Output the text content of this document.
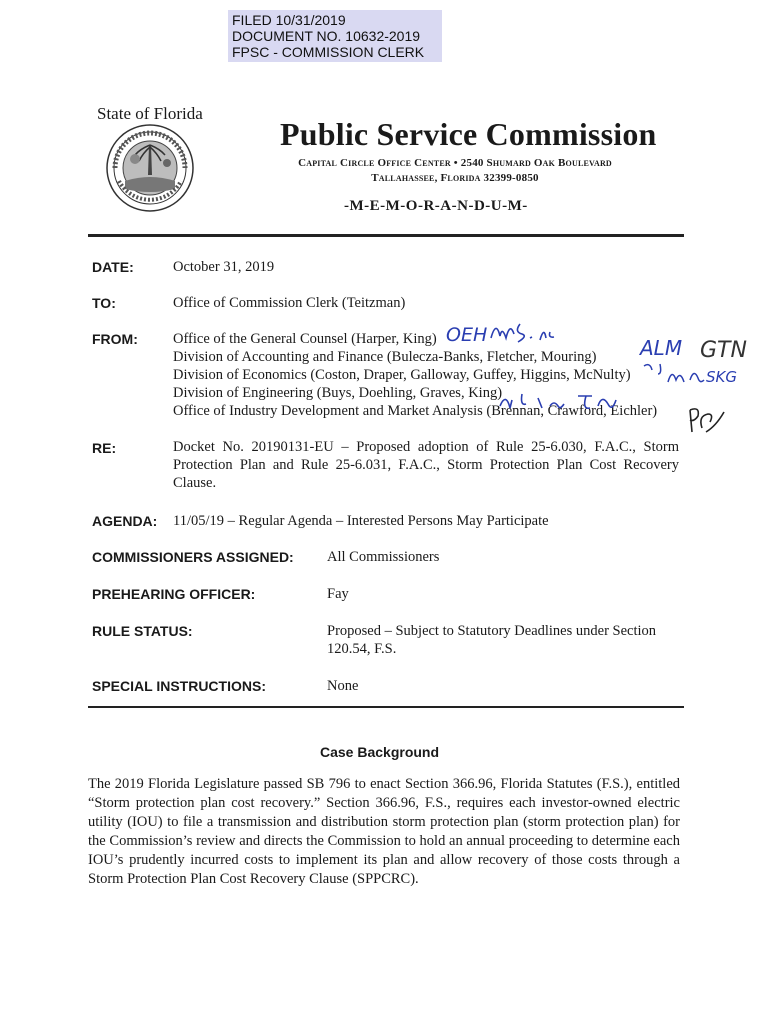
FILED 10/31/2019
DOCUMENT NO. 10632-2019
FPSC - COMMISSION CLERK
State of Florida
Public Service Commission
Capital Circle Office Center • 2540 Shumard Oak Boulevard
Tallahassee, Florida 32399-0850
-M-E-M-O-R-A-N-D-U-M-
DATE:	October 31, 2019
TO:	Office of Commission Clerk (Teitzman)
FROM: Office of the General Counsel (Harper, King)
Division of Accounting and Finance (Bulecza-Banks, Fletcher, Mouring)
Division of Economics (Coston, Draper, Galloway, Guffey, Higgins, McNulty)
Division of Engineering (Buys, Doehling, Graves, King)
Office of Industry Development and Market Analysis (Brennan, Crawford, Eichler)
OEH
ALM GTN
SKG
RE:	Docket No. 20190131-EU – Proposed adoption of Rule 25-6.030, F.A.C., Storm Protection Plan and Rule 25-6.031, F.A.C., Storm Protection Plan Cost Recovery Clause.
AGENDA: 11/05/19 – Regular Agenda – Interested Persons May Participate
COMMISSIONERS ASSIGNED: All Commissioners
PREHEARING OFFICER:	Fay
RULE STATUS:	Proposed – Subject to Statutory Deadlines under Section 120.54, F.S.
SPECIAL INSTRUCTIONS:	None
Case Background
The 2019 Florida Legislature passed SB 796 to enact Section 366.96, Florida Statutes (F.S.), entitled “Storm protection plan cost recovery.” Section 366.96, F.S., requires each investor-owned electric utility (IOU) to file a transmission and distribution storm protection plan (storm protection plan) for the Commission’s review and directs the Commission to hold an annual proceeding to determine each IOU’s prudently incurred costs to implement its plan and allow recovery of those costs through a Storm Protection Plan Cost Recovery Clause (SPPCRC).
